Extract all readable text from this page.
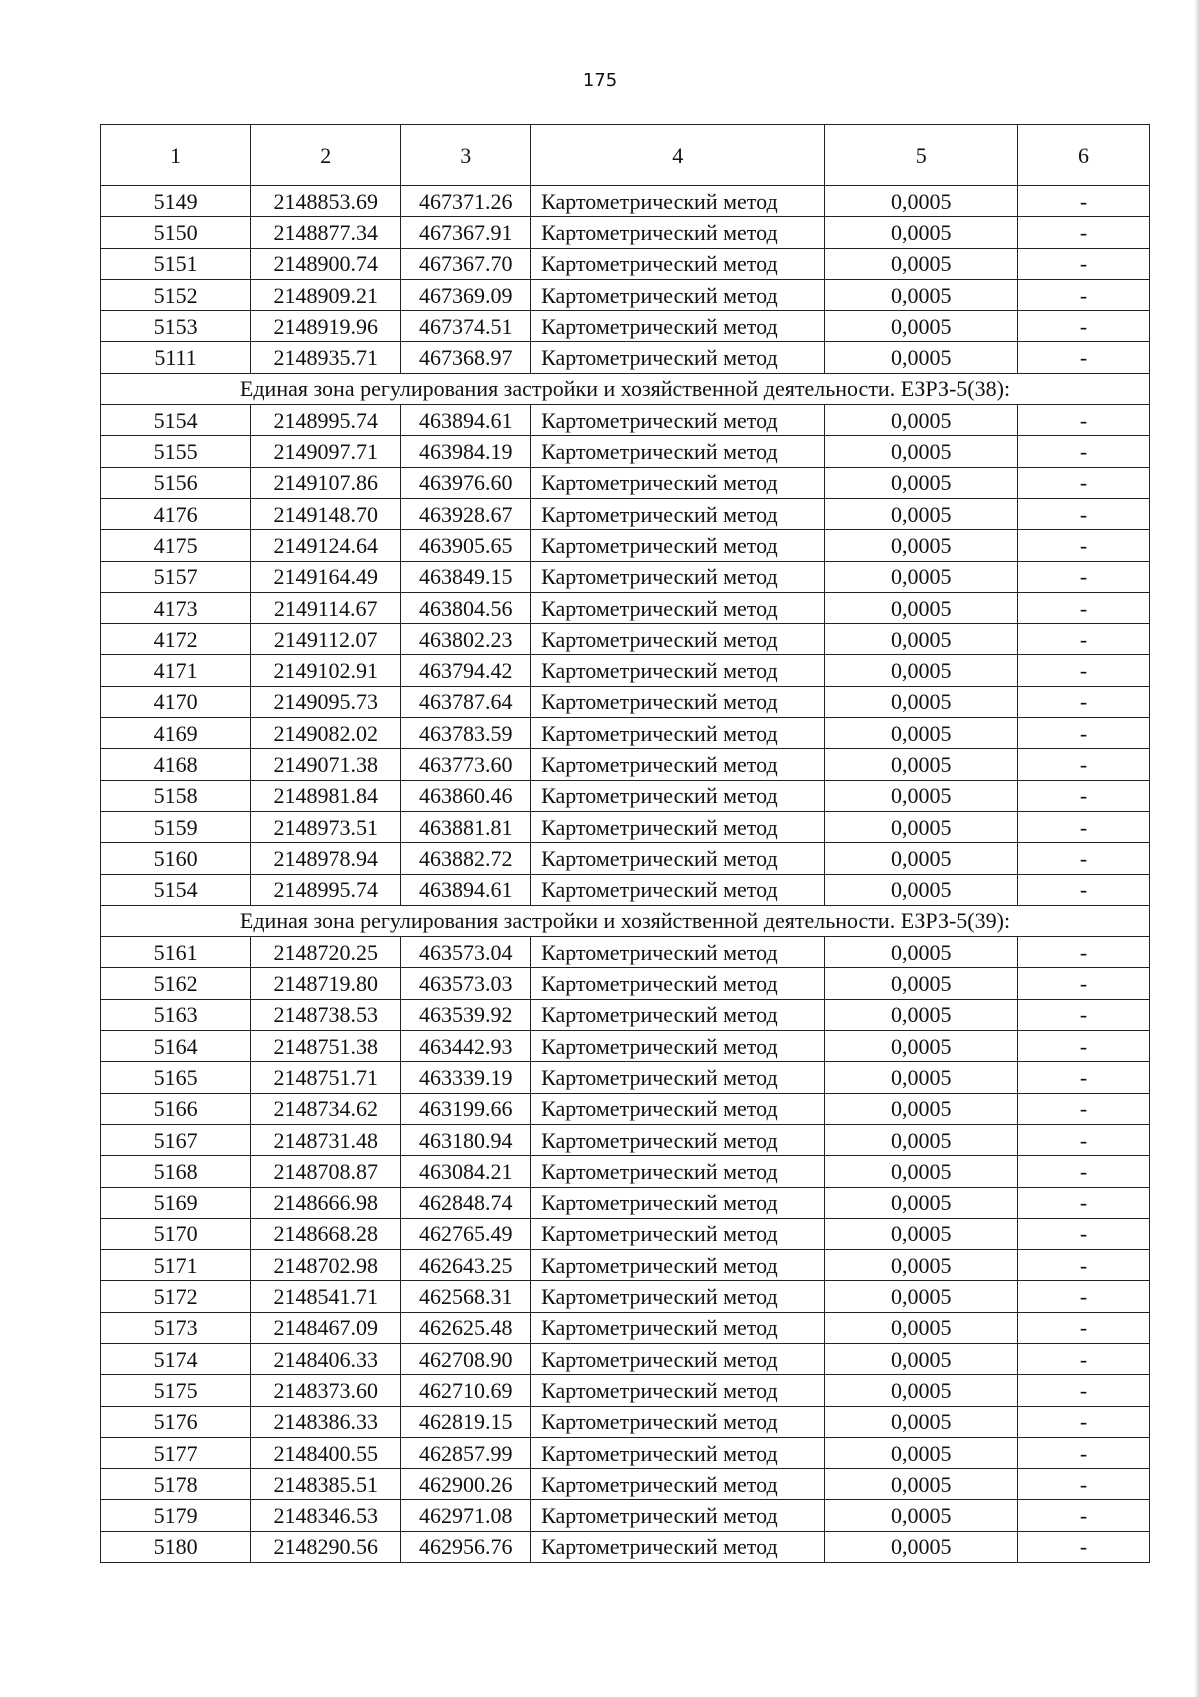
175
1	2	3	4	5	6
5149	2148853.69	467371.26	Картометрический метод	0,0005	-
5150	2148877.34	467367.91	Картометрический метод	0,0005	-
5151	2148900.74	467367.70	Картометрический метод	0,0005	-
5152	2148909.21	467369.09	Картометрический метод	0,0005	-
5153	2148919.96	467374.51	Картометрический метод	0,0005	-
5111	2148935.71	467368.97	Картометрический метод	0,0005	-
Единая зона регулирования застройки и хозяйственной деятельности. ЕЗРЗ-5(38):					
5154	2148995.74	463894.61	Картометрический метод	0,0005	-
5155	2149097.71	463984.19	Картометрический метод	0,0005	-
5156	2149107.86	463976.60	Картометрический метод	0,0005	-
4176	2149148.70	463928.67	Картометрический метод	0,0005	-
4175	2149124.64	463905.65	Картометрический метод	0,0005	-
5157	2149164.49	463849.15	Картометрический метод	0,0005	-
4173	2149114.67	463804.56	Картометрический метод	0,0005	-
4172	2149112.07	463802.23	Картометрический метод	0,0005	-
4171	2149102.91	463794.42	Картометрический метод	0,0005	-
4170	2149095.73	463787.64	Картометрический метод	0,0005	-
4169	2149082.02	463783.59	Картометрический метод	0,0005	-
4168	2149071.38	463773.60	Картометрический метод	0,0005	-
5158	2148981.84	463860.46	Картометрический метод	0,0005	-
5159	2148973.51	463881.81	Картометрический метод	0,0005	-
5160	2148978.94	463882.72	Картометрический метод	0,0005	-
5154	2148995.74	463894.61	Картометрический метод	0,0005	-
Единая зона регулирования застройки и хозяйственной деятельности. ЕЗРЗ-5(39):					
5161	2148720.25	463573.04	Картометрический метод	0,0005	-
5162	2148719.80	463573.03	Картометрический метод	0,0005	-
5163	2148738.53	463539.92	Картометрический метод	0,0005	-
5164	2148751.38	463442.93	Картометрический метод	0,0005	-
5165	2148751.71	463339.19	Картометрический метод	0,0005	-
5166	2148734.62	463199.66	Картометрический метод	0,0005	-
5167	2148731.48	463180.94	Картометрический метод	0,0005	-
5168	2148708.87	463084.21	Картометрический метод	0,0005	-
5169	2148666.98	462848.74	Картометрический метод	0,0005	-
5170	2148668.28	462765.49	Картометрический метод	0,0005	-
5171	2148702.98	462643.25	Картометрический метод	0,0005	-
5172	2148541.71	462568.31	Картометрический метод	0,0005	-
5173	2148467.09	462625.48	Картометрический метод	0,0005	-
5174	2148406.33	462708.90	Картометрический метод	0,0005	-
5175	2148373.60	462710.69	Картометрический метод	0,0005	-
5176	2148386.33	462819.15	Картометрический метод	0,0005	-
5177	2148400.55	462857.99	Картометрический метод	0,0005	-
5178	2148385.51	462900.26	Картометрический метод	0,0005	-
5179	2148346.53	462971.08	Картометрический метод	0,0005	-
5180	2148290.56	462956.76	Картометрический метод	0,0005	-
